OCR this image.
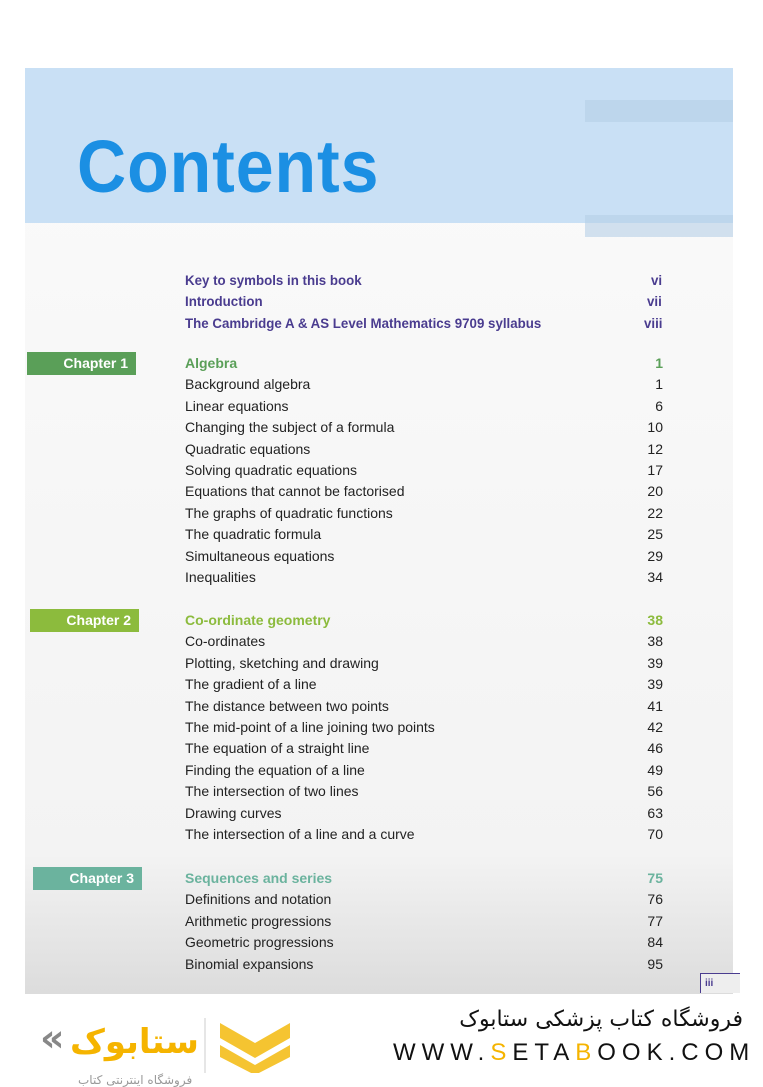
Contents
Key to symbols in this book	vi
Introduction	vii
The Cambridge A & AS Level Mathematics 9709 syllabus	viii
Chapter 1	Algebra	1
Background algebra	1
Linear equations	6
Changing the subject of a formula	10
Quadratic equations	12
Solving quadratic equations	17
Equations that cannot be factorised	20
The graphs of quadratic functions	22
The quadratic formula	25
Simultaneous equations	29
Inequalities	34
Chapter 2	Co-ordinate geometry	38
Co-ordinates	38
Plotting, sketching and drawing	39
The gradient of a line	39
The distance between two points	41
The mid-point of a line joining two points	42
The equation of a straight line	46
Finding the equation of a line	49
The intersection of two lines	56
Drawing curves	63
The intersection of a line and a curve	70
Chapter 3	Sequences and series	75
Definitions and notation	76
Arithmetic progressions	77
Geometric progressions	84
Binomial expansions	95
iii
« ستابوک
فروشگاه اینترنتی کتاب
فروشگاه کتاب پزشکی ستابوک
WWW.SETABOOK.COM
